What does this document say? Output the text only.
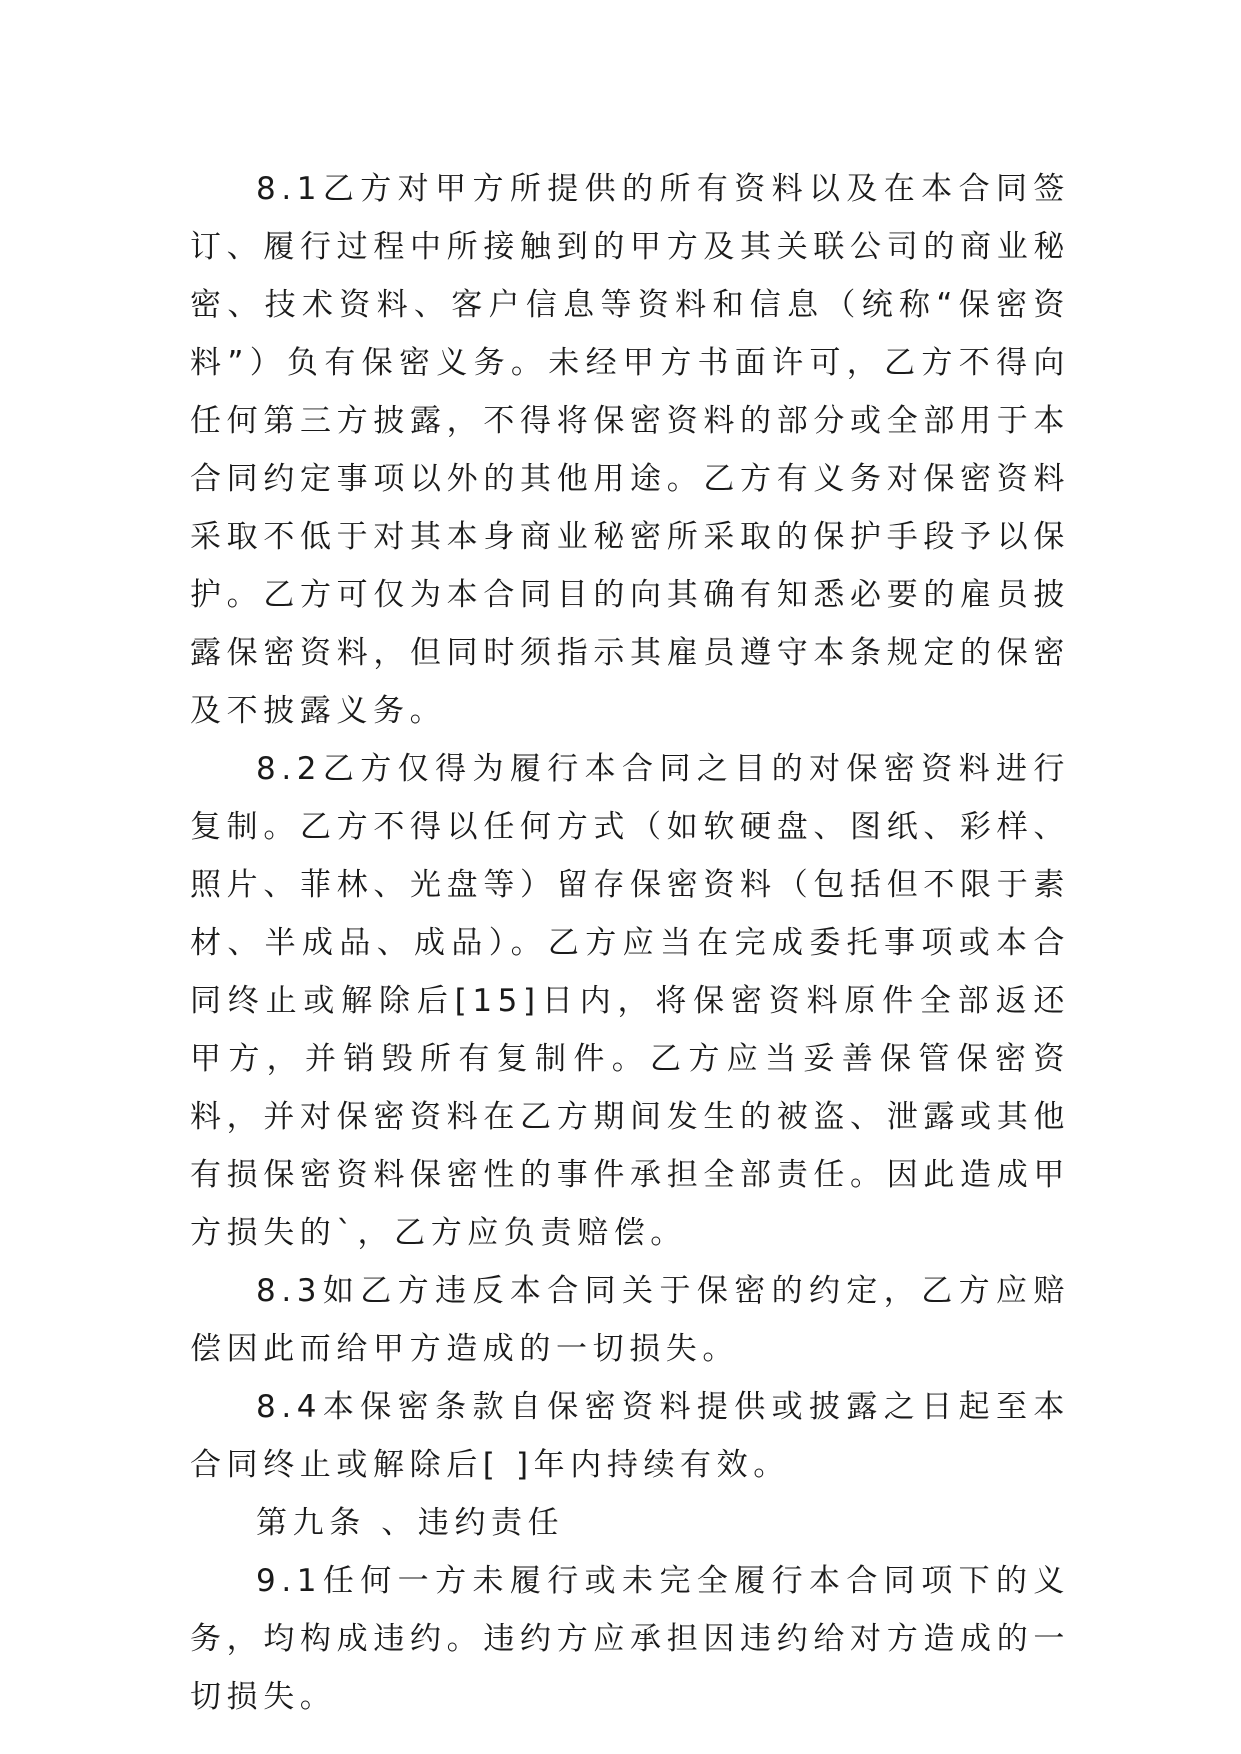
8.1乙方对甲方所提供的所有资料以及在本合同签订、履行过程中所接触到的甲方及其关联公司的商业秘密、技术资料、客户信息等资料和信息（统称“保密资料”）负有保密义务。未经甲方书面许可，乙方不得向任何第三方披露，不得将保密资料的部分或全部用于本合同约定事项以外的其他用途。乙方有义务对保密资料采取不低于对其本身商业秘密所采取的保护手段予以保护。乙方可仅为本合同目的向其确有知悉必要的雇员披露保密资料，但同时须指示其雇员遵守本条规定的保密及不披露义务。

8.2乙方仅得为履行本合同之目的对保密资料进行复制。乙方不得以任何方式（如软硬盘、图纸、彩样、照片、菲林、光盘等）留存保密资料（包括但不限于素材、半成品、成品）。乙方应当在完成委托事项或本合同终止或解除后[15]日内，将保密资料原件全部返还甲方，并销毁所有复制件。乙方应当妥善保管保密资料，并对保密资料在乙方期间发生的被盗、泄露或其他有损保密资料保密性的事件承担全部责任。因此造成甲方损失的`，乙方应负责赔偿。

8.3如乙方违反本合同关于保密的约定，乙方应赔偿因此而给甲方造成的一切损失。

8.4本保密条款自保密资料提供或披露之日起至本合同终止或解除后[ ]年内持续有效。

第九条 、违约责任

9.1任何一方未履行或未完全履行本合同项下的义务，均构成违约。违约方应承担因违约给对方造成的一切损失。
